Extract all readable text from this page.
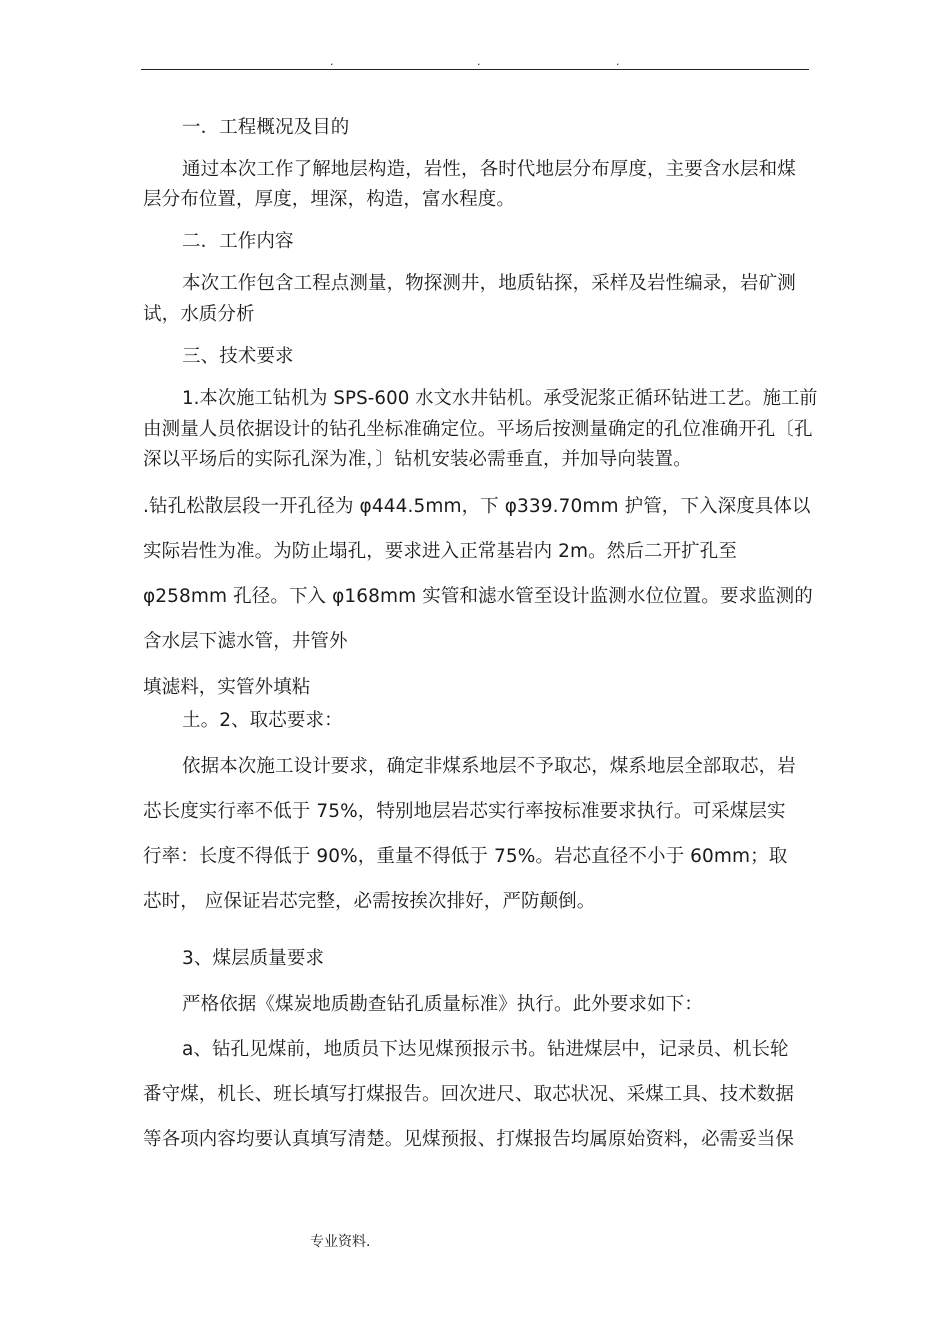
.	.	.
一．工程概况及目的
通过本次工作了解地层构造，岩性，各时代地层分布厚度，主要含水层和煤
层分布位置，厚度，埋深，构造，富水程度。
二．工作内容
本次工作包含工程点测量，物探测井，地质钻探，采样及岩性编录，岩矿测
试，水质分析
三、技术要求
1.本次施工钻机为 SPS-600 水文水井钻机。承受泥浆正循环钻进工艺。施工前
由测量人员依据设计的钻孔坐标准确定位。平场后按测量确定的孔位准确开孔〔孔
深以平场后的实际孔深为准，〕钻机安装必需垂直，并加导向装置。
.钻孔松散层段一开孔径为 φ444.5mm，下 φ339.70mm 护管，下入深度具体以
实际岩性为准。为防止塌孔，要求进入正常基岩内 2m。然后二开扩孔至
φ258mm 孔径。下入 φ168mm 实管和滤水管至设计监测水位位置。要求监测的
含水层下滤水管，井管外
填滤料，实管外填粘
土。2、取芯要求：
依据本次施工设计要求，确定非煤系地层不予取芯，煤系地层全部取芯，岩
芯长度实行率不低于 75%，特别地层岩芯实行率按标准要求执行。可采煤层实
行率：长度不得低于 90%，重量不得低于 75%。岩芯直径不小于 60mm；取
芯时， 应保证岩芯完整，必需按挨次排好，严防颠倒。
3、煤层质量要求
严格依据《煤炭地质勘查钻孔质量标准》执行。此外要求如下：
a、钻孔见煤前，地质员下达见煤预报示书。钻进煤层中，记录员、机长轮
番守煤，机长、班长填写打煤报告。回次进尺、取芯状况、采煤工具、技术数据
等各项内容均要认真填写清楚。见煤预报、打煤报告均属原始资料，必需妥当保
专业资料.
